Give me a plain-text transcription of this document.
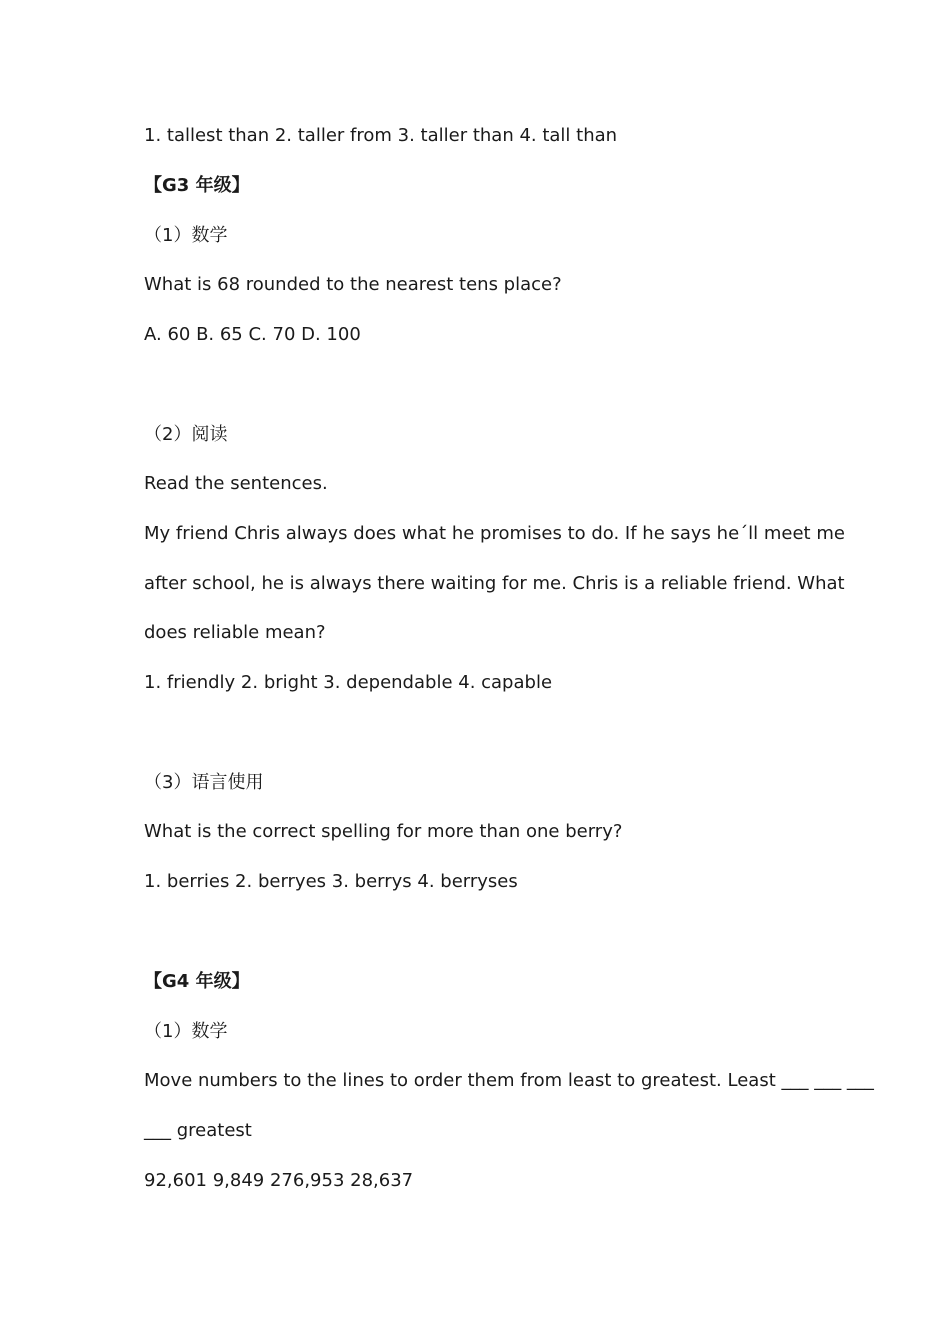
1. tallest than 2. taller from 3. taller than 4. tall than
【G3 年级】
（1）数学
What is 68 rounded to the nearest tens place?
A. 60 B. 65 C. 70 D. 100
（2）阅读
Read the sentences.
My friend Chris always does what he promises to do. If he says he´ll meet me
after school, he is always there waiting for me. Chris is a reliable friend. What
does reliable mean?
1. friendly 2. bright 3. dependable 4. capable
（3）语言使用
What is the correct spelling for more than one berry?
1. berries 2. berryes 3. berrys 4. berryses
【G4 年级】
（1）数学
Move numbers to the lines to order them from least to greatest. Least ___ ___ ___
___ greatest
92,601 9,849 276,953 28,637
